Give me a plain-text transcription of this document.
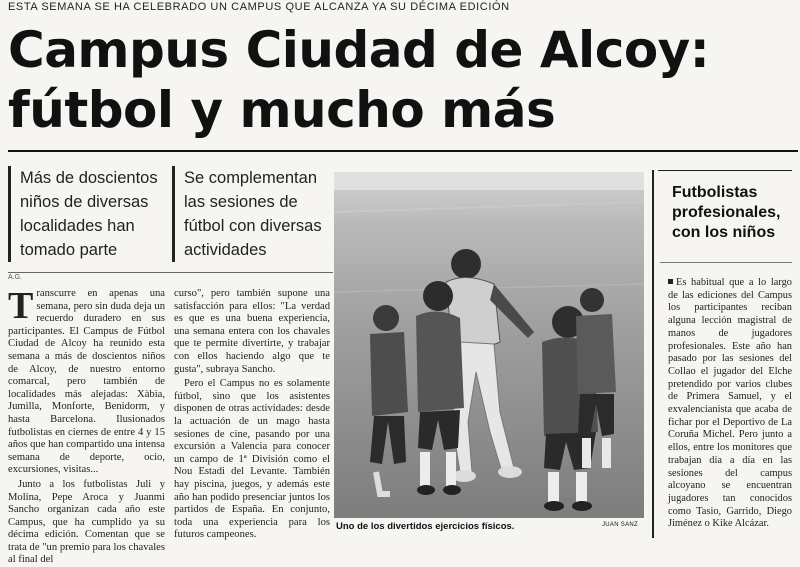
ESTA SEMANA SE HA CELEBRADO UN CAMPUS QUE ALCANZA YA SU DÉCIMA EDICIÓN
Campus Ciudad de Alcoy:
fútbol y mucho más
Más de doscientos niños de diversas localidades han tomado parte
Se complementan las sesiones de fútbol con diversas actividades
A.G.

Transcurre en apenas una semana, pero sin duda deja un recuerdo duradero en sus participantes. El Campus de Fútbol Ciudad de Alcoy ha reunido esta semana a más de doscientos niños de Alcoy, de nuestro entorno comarcal, pero también de localidades más alejadas: Xàbia, Jumilla, Monforte, Benidorm, y hasta Barcelona. Ilusionados futbolistas en ciernes de entre 4 y 15 años que han compartido una intensa semana de deporte, ocio, excursiones, visitas...

Junto a los futbolistas Juli y Molina, Pepe Aroca y Juanmi Sancho organizan cada año este Campus, que ha cumplido ya su décima edición. Comentan que se trata de "un premio para los chavales al final del

curso", pero también supone una satisfacción para ellos: "La verdad es que es una buena experiencia, una semana entera con los chavales que te permite divertirte, y trabajar con ellos haciendo algo que te gusta", subraya Sancho.

Pero el Campus no es solamente fútbol, sino que los asistentes disponen de otras actividades: desde la actuación de un mago hasta sesiones de cine, pasando por una excursión a Valencia para conocer un campo de 1ª División como el Nou Estadi del Levante. También hay piscina, juegos, y además este año han podido presenciar juntos los partidos de España. En conjunto, toda una experiencia para los futuros campeones.

Uno de los divertidos ejercicios físicos.	JUAN SANZ
Futbolistas profesionales, con los niños
Es habitual que a lo largo de las ediciones del Campus los participantes reciban alguna lección magistral de manos de jugadores profesionales. Este año han pasado por las sesiones del Collao el jugador del Elche pretendido por varios clubes de Primera Samuel, y el exvalencianista que acaba de fichar por el Deportivo de La Coruña Michel. Pero junto a ellos, entre los monitores que trabajan día a día en las sesiones del campus alcoyano se encuentran jugadores tan conocidos como Tasio, Garrido, Diego Jiménez o Kike Alcázar.
